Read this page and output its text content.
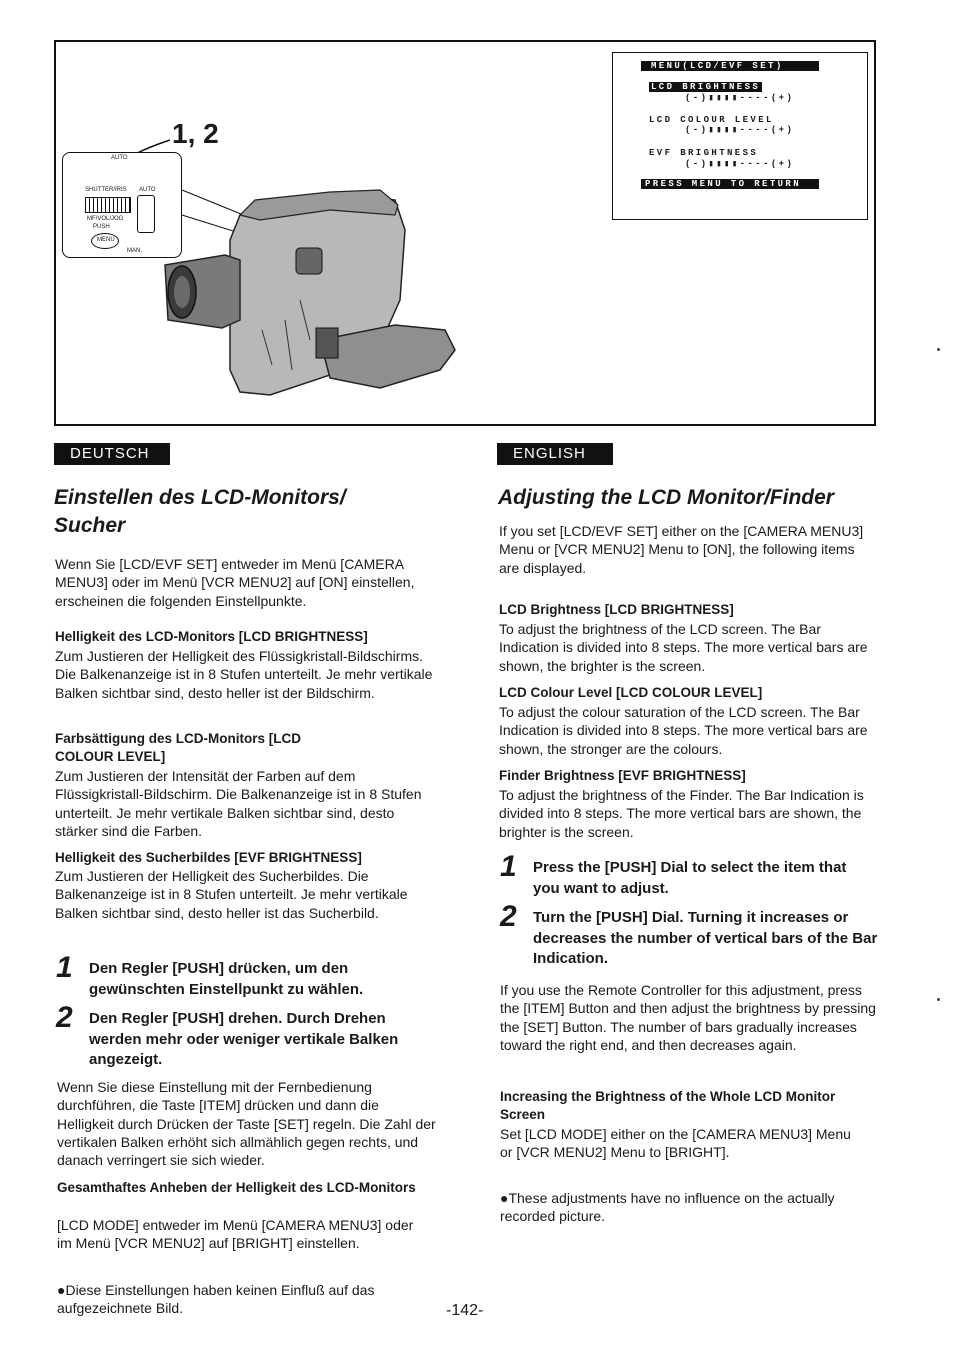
1, 2
AUTO
SHUTTER/IRIS AUTO
MF/VOL/JOG
PUSH
MENU
MAN.
MENU(LCD/EVF SET)
LCD BRIGHTNESS
(-)▮▮▮▮----(+)
LCD COLOUR LEVEL
(-)▮▮▮▮----(+)
EVF BRIGHTNESS
(-)▮▮▮▮----(+)
PRESS MENU TO RETURN
DEUTSCH
Einstellen des LCD-Monitors/
Sucher
Wenn Sie [LCD/EVF SET] entweder im Menü [CAMERA MENU3] oder im Menü [VCR MENU2] auf [ON] einstellen, erscheinen die folgenden Einstellpunkte.
Helligkeit des LCD-Monitors [LCD BRIGHTNESS]
Zum Justieren der Helligkeit des Flüssigkristall-Bildschirms. Die Balkenanzeige ist in 8 Stufen unterteilt. Je mehr vertikale Balken sichtbar sind, desto heller ist der Bildschirm.
Farbsättigung des LCD-Monitors [LCD COLOUR LEVEL]
Zum Justieren der Intensität der Farben auf dem Flüssigkristall-Bildschirm. Die Balkenanzeige ist in 8 Stufen unterteilt. Je mehr vertikale Balken sichtbar sind, desto stärker sind die Farben.
Helligkeit des Sucherbildes [EVF BRIGHTNESS]
Zum Justieren der Helligkeit des Sucherbildes. Die Balkenanzeige ist in 8 Stufen unterteilt. Je mehr vertikale Balken sichtbar sind, desto heller ist das Sucherbild.
1 Den Regler [PUSH] drücken, um den gewünschten Einstellpunkt zu wählen.
2 Den Regler [PUSH] drehen. Durch Drehen werden mehr oder weniger vertikale Balken angezeigt.
Wenn Sie diese Einstellung mit der Fernbedienung durchführen, die Taste [ITEM] drücken und dann die Helligkeit durch Drücken der Taste [SET] regeln. Die Zahl der vertikalen Balken erhöht sich allmählich gegen rechts, und danach verringert sie sich wieder.
Gesamthaftes Anheben der Helligkeit des LCD-Monitors
[LCD MODE] entweder im Menü [CAMERA MENU3] oder im Menü [VCR MENU2] auf [BRIGHT] einstellen.
●Diese Einstellungen haben keinen Einfluß auf das aufgezeichnete Bild.
ENGLISH
Adjusting the LCD Monitor/Finder
If you set [LCD/EVF SET] either on the [CAMERA MENU3] Menu or [VCR MENU2] Menu to [ON], the following items are displayed.
LCD Brightness [LCD BRIGHTNESS]
To adjust the brightness of the LCD screen. The Bar Indication is divided into 8 steps. The more vertical bars are shown, the brighter is the screen.
LCD Colour Level [LCD COLOUR LEVEL]
To adjust the colour saturation of the LCD screen. The Bar Indication is divided into 8 steps. The more vertical bars are shown, the stronger are the colours.
Finder Brightness [EVF BRIGHTNESS]
To adjust the brightness of the Finder. The Bar Indication is divided into 8 steps. The more vertical bars are shown, the brighter is the screen.
1 Press the [PUSH] Dial to select the item that you want to adjust.
2 Turn the [PUSH] Dial. Turning it increases or decreases the number of vertical bars of the Bar Indication.
If you use the Remote Controller for this adjustment, press the [ITEM] Button and then adjust the brightness by pressing the [SET] Button. The number of bars gradually increases toward the right end, and then decreases again.
Increasing the Brightness of the Whole LCD Monitor Screen
Set [LCD MODE] either on the [CAMERA MENU3] Menu or [VCR MENU2] Menu to [BRIGHT].
●These adjustments have no influence on the actually recorded picture.
-142-
